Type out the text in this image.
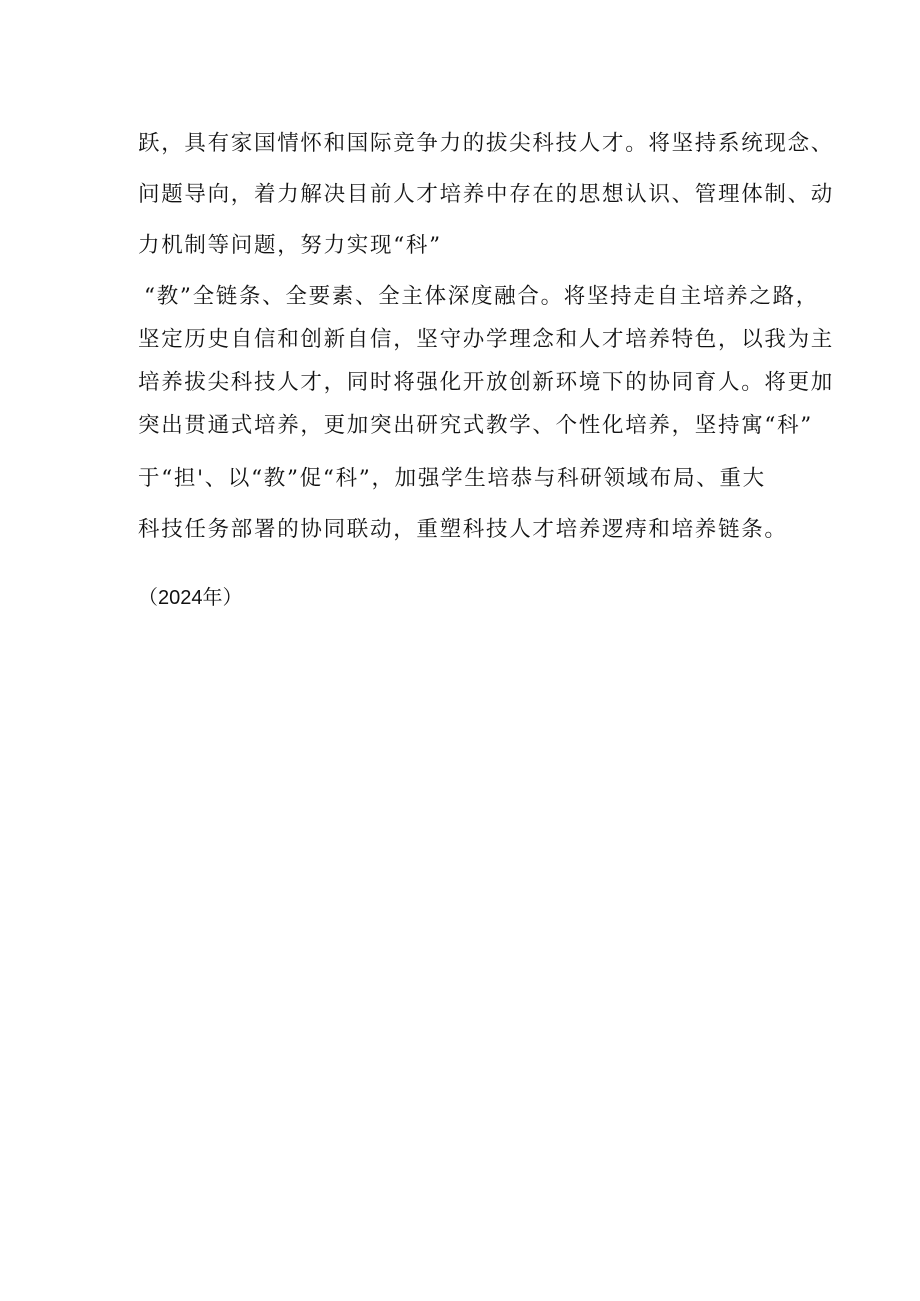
跃，具有家国情怀和国际竞争力的拔尖科技人才。将坚持系统现念、
问题导向，着力解决目前人才培养中存在的思想认识、管理体制、动
力机制等问题，努力实现“科”
“教”全链条、全要素、全主体深度融合。将坚持走自主培养之路，
坚定历史自信和创新自信，坚守办学理念和人才培养特色，以我为主
培养拔尖科技人才，同时将强化开放创新环境下的协同育人。将更加
突出贯通式培养，更加突出研究式教学、个性化培养，坚持寓“科”
于“担'、以“教”促“科”，加强学生培恭与科研领域布局、重大
科技任务部署的协同联动，重塑科技人才培养逻痔和培养链条。
（2024年）
